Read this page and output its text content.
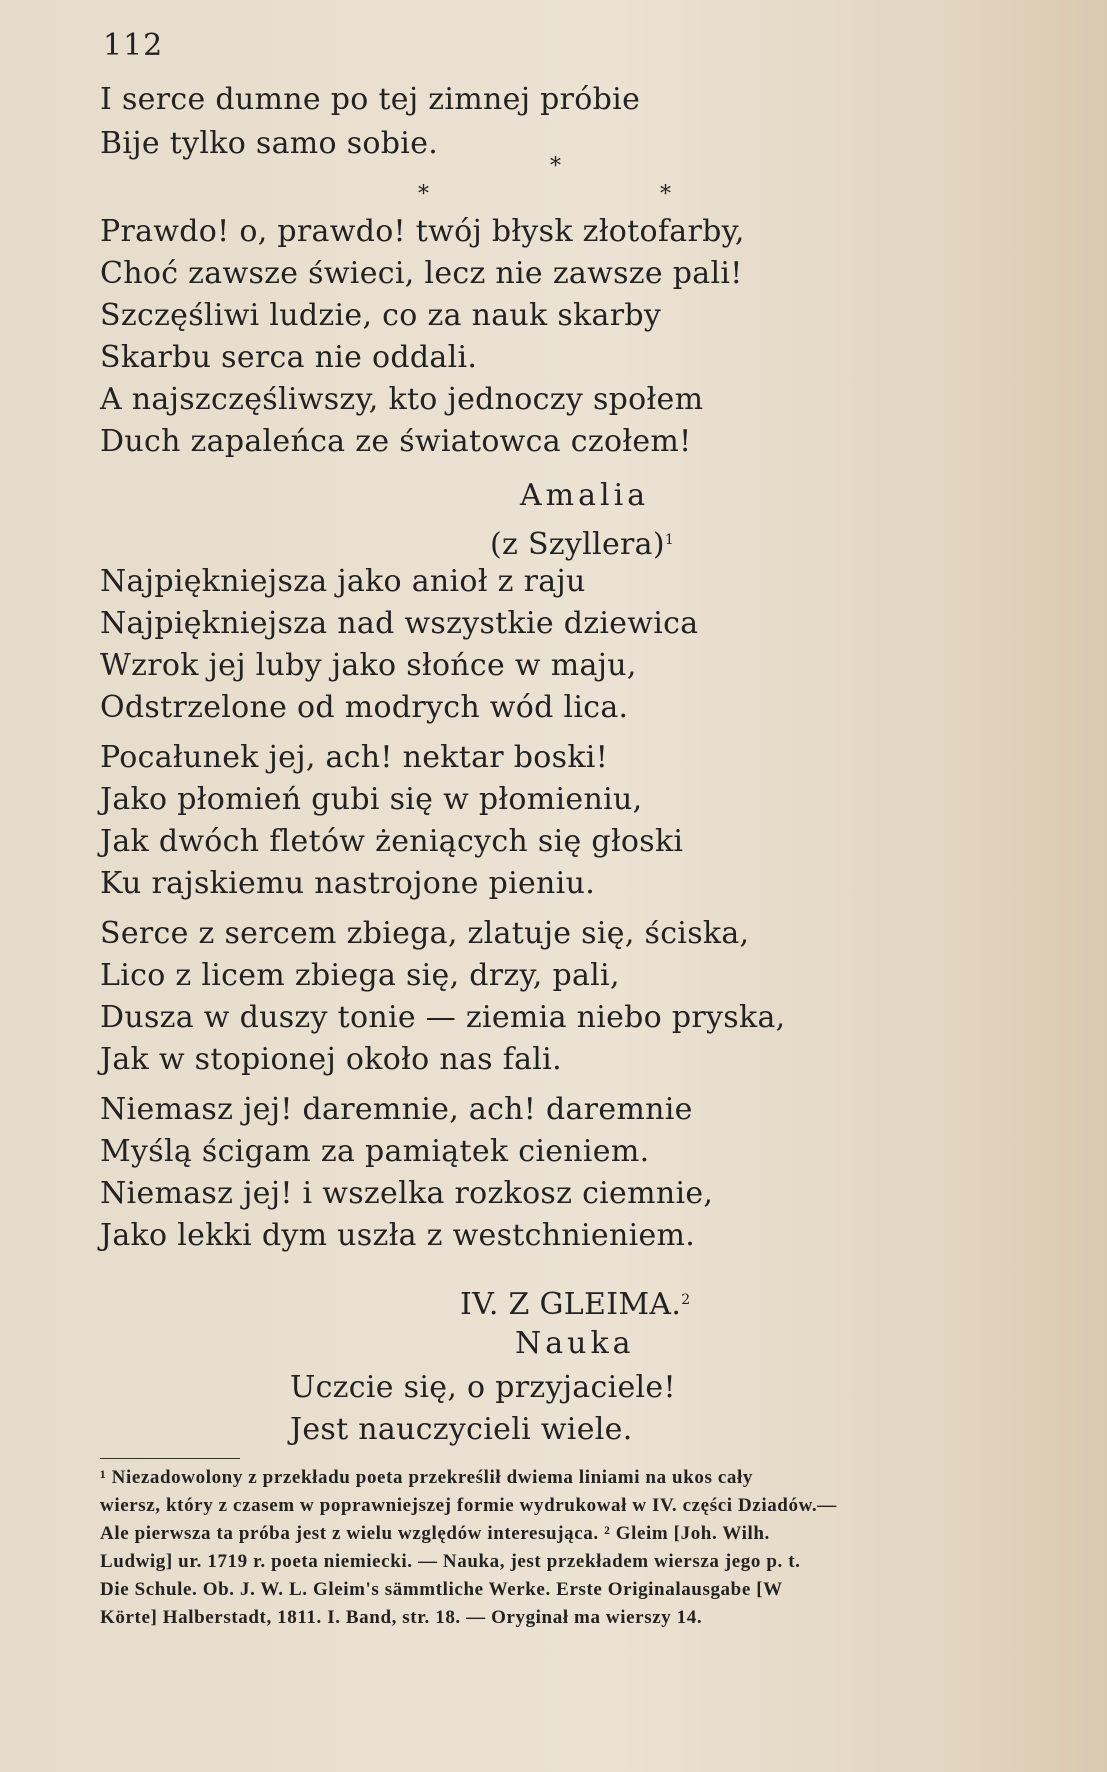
112
I serce dumne po tej zimnej próbie
Bije tylko samo sobie.
*
*	*
Prawdo! o, prawdo! twój błysk złotofarby,
Choć zawsze świeci, lecz nie zawsze pali!
Szczęśliwi ludzie, co za nauk skarby
Skarbu serca nie oddali.
A najszczęśliwszy, kto jednoczy społem
Duch zapaleńca ze światowca czołem!
Amalia
(z Szyllera)$^1$
Najpiękniejsza jako anioł z raju
Najpiękniejsza nad wszystkie dziewica
Wzrok jej luby jako słońce w maju,
Odstrzelone od modrych wód lica.
Pocałunek jej, ach! nektar boski!
Jako płomień gubi się w płomieniu,
Jak dwóch fletów żeniących się głoski
Ku rajskiemu nastrojone pieniu.
Serce z sercem zbiega, zlatuje się, ściska,
Lico z licem zbiega się, drzy, pali,
Dusza w duszy tonie — ziemia niebo pryska,
Jak w stopionej około nas fali.
Niemasz jej! daremnie, ach! daremnie
Myślą ścigam za pamiątek cieniem.
Niemasz jej! i wszelka rozkosz ciemnie,
Jako lekki dym uszła z westchnieniem.
IV. Z GLEIMA.$^2$
Nauka
Uczcie się, o przyjaciele!
Jest nauczycieli wiele.
¹ Niezadowolony z przekładu poeta przekreślił dwiema liniami na ukos cały
wiersz, który z czasem w poprawniejszej formie wydrukował w IV. części Dziadów.—
Ale pierwsza ta próba jest z wielu względów interesująca. ² Gleim [Joh. Wilh.
Ludwig] ur. 1719 r. poeta niemiecki. — Nauka, jest przekładem wiersza jego p. t.
Die Schule. Ob. J. W. L. Gleim's sämmtliche Werke. Erste Originalausgabe [W
Körte] Halberstadt, 1811. I. Band, str. 18. — Oryginał ma wierszy 14.
